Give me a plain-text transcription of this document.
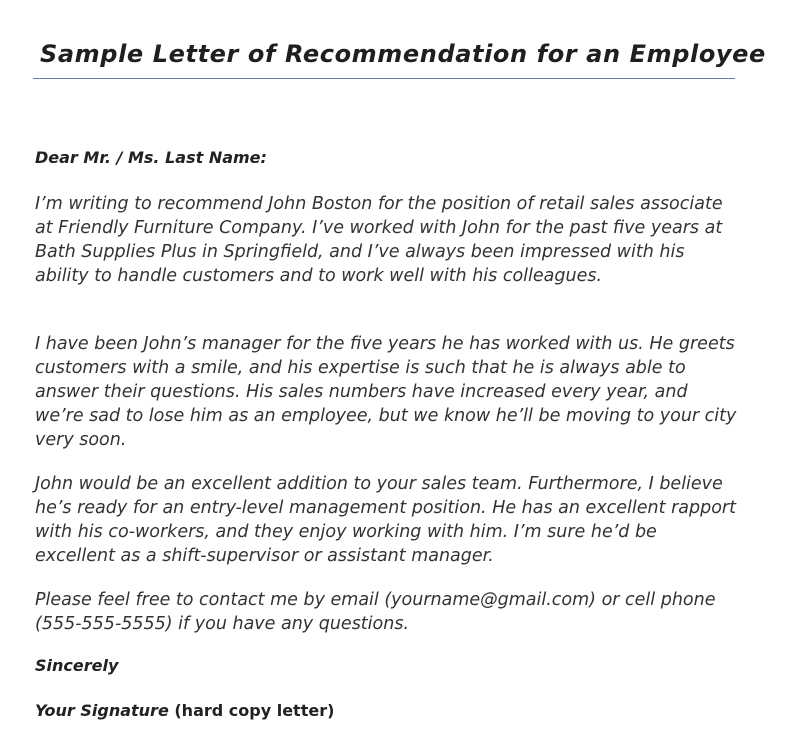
Sample Letter of Recommendation for an Employee

Dear Mr. / Ms. Last Name:

I’m writing to recommend John Boston for the position of retail sales associate at Friendly Furniture Company. I’ve worked with John for the past five years at Bath Supplies Plus in Springfield, and I’ve always been impressed with his ability to handle customers and to work well with his colleagues.

I have been John’s manager for the five years he has worked with us. He greets customers with a smile, and his expertise is such that he is always able to answer their questions. His sales numbers have increased every year, and we’re sad to lose him as an employee, but we know he’ll be moving to your city very soon.

John would be an excellent addition to your sales team. Furthermore, I believe he’s ready for an entry-level management position. He has an excellent rapport with his co-workers, and they enjoy working with him. I’m sure he’d be excellent as a shift-supervisor or assistant manager.

Please feel free to contact me by email (yourname@gmail.com) or cell phone (555-555-5555) if you have any questions.

Sincerely

Your Signature (hard copy letter)
